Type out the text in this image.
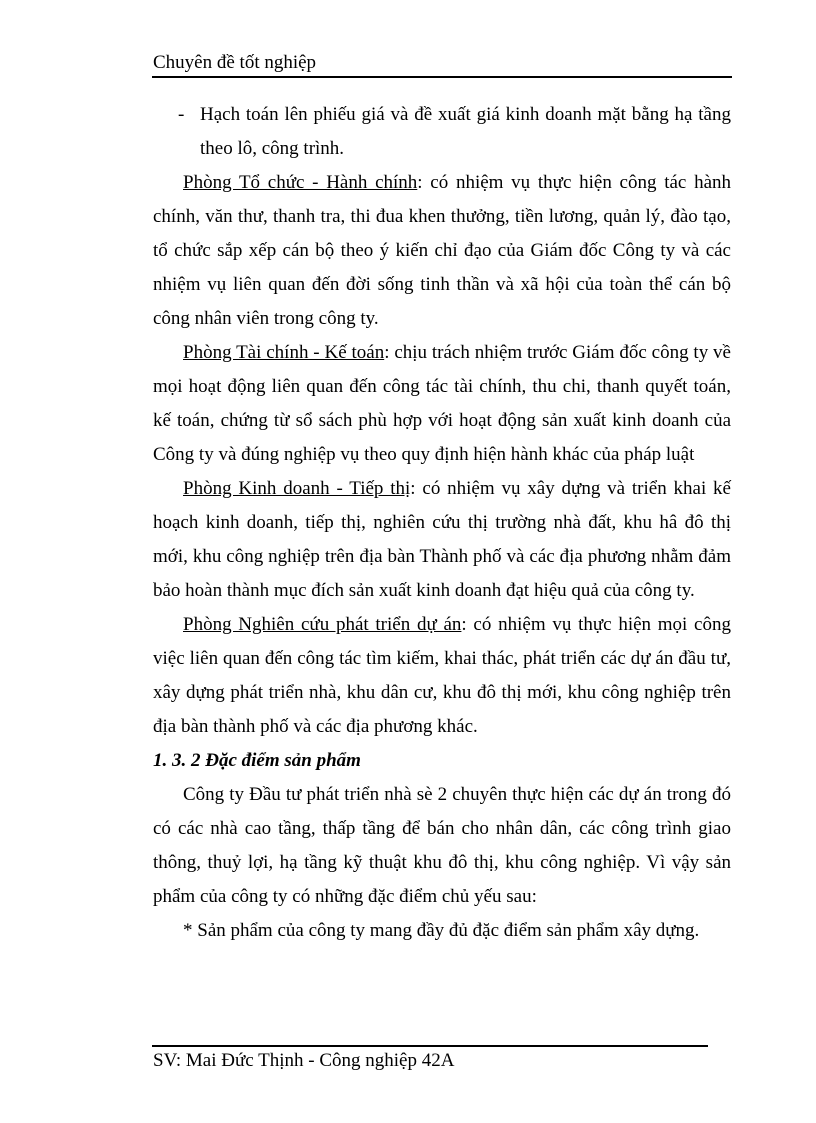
Chuyên đề tốt nghiệp

- Hạch toán lên phiếu giá và đề xuất giá kinh doanh mặt bằng hạ tầng theo lô, công trình.

Phòng Tổ chức - Hành chính: có nhiệm vụ thực hiện công tác hành chính, văn thư, thanh tra, thi đua khen thưởng, tiền lương, quản lý, đào tạo, tổ chức sắp xếp cán bộ theo ý kiến chỉ đạo của Giám đốc Công ty và các nhiệm vụ liên quan đến đời sống tinh thần và xã hội của toàn thể cán bộ công nhân viên trong công ty.

Phòng Tài chính - Kế toán: chịu trách nhiệm trước Giám đốc công ty về mọi hoạt động liên quan đến công tác tài chính, thu chi, thanh quyết toán, kế toán, chứng từ sổ sách phù hợp với hoạt động sản xuất kinh doanh của Công ty và đúng nghiệp vụ theo quy định hiện hành khác của pháp luật

Phòng Kinh doanh - Tiếp thị: có nhiệm vụ xây dựng và triển khai kế hoạch kinh doanh, tiếp thị, nghiên cứu thị trường nhà đất, khu hâ đô thị mới, khu công nghiệp trên địa bàn Thành phố và các địa phương nhằm đảm bảo hoàn thành mục đích sản xuất kinh doanh đạt hiệu quả của công ty.

Phòng Nghiên cứu phát triển dự án: có nhiệm vụ thực hiện mọi công việc liên quan đến công tác tìm kiếm, khai thác, phát triển các dự án đầu tư, xây dựng phát triển nhà, khu dân cư, khu đô thị mới, khu công nghiệp trên địa bàn thành phố và các địa phương khác.

1. 3. 2 Đặc điểm sản phẩm

Công ty Đầu tư phát triển nhà sè 2 chuyên thực hiện các dự án trong đó có các nhà cao tầng, thấp tầng để bán cho nhân dân, các công trình giao thông, thuỷ lợi, hạ tầng kỹ thuật khu đô thị, khu công nghiệp. Vì vậy sản phẩm của công ty có những đặc điểm chủ yếu sau:

* Sản phẩm của công ty mang đầy đủ đặc điểm sản phẩm xây dựng.

SV: Mai Đức Thịnh - Công nghiệp 42A
